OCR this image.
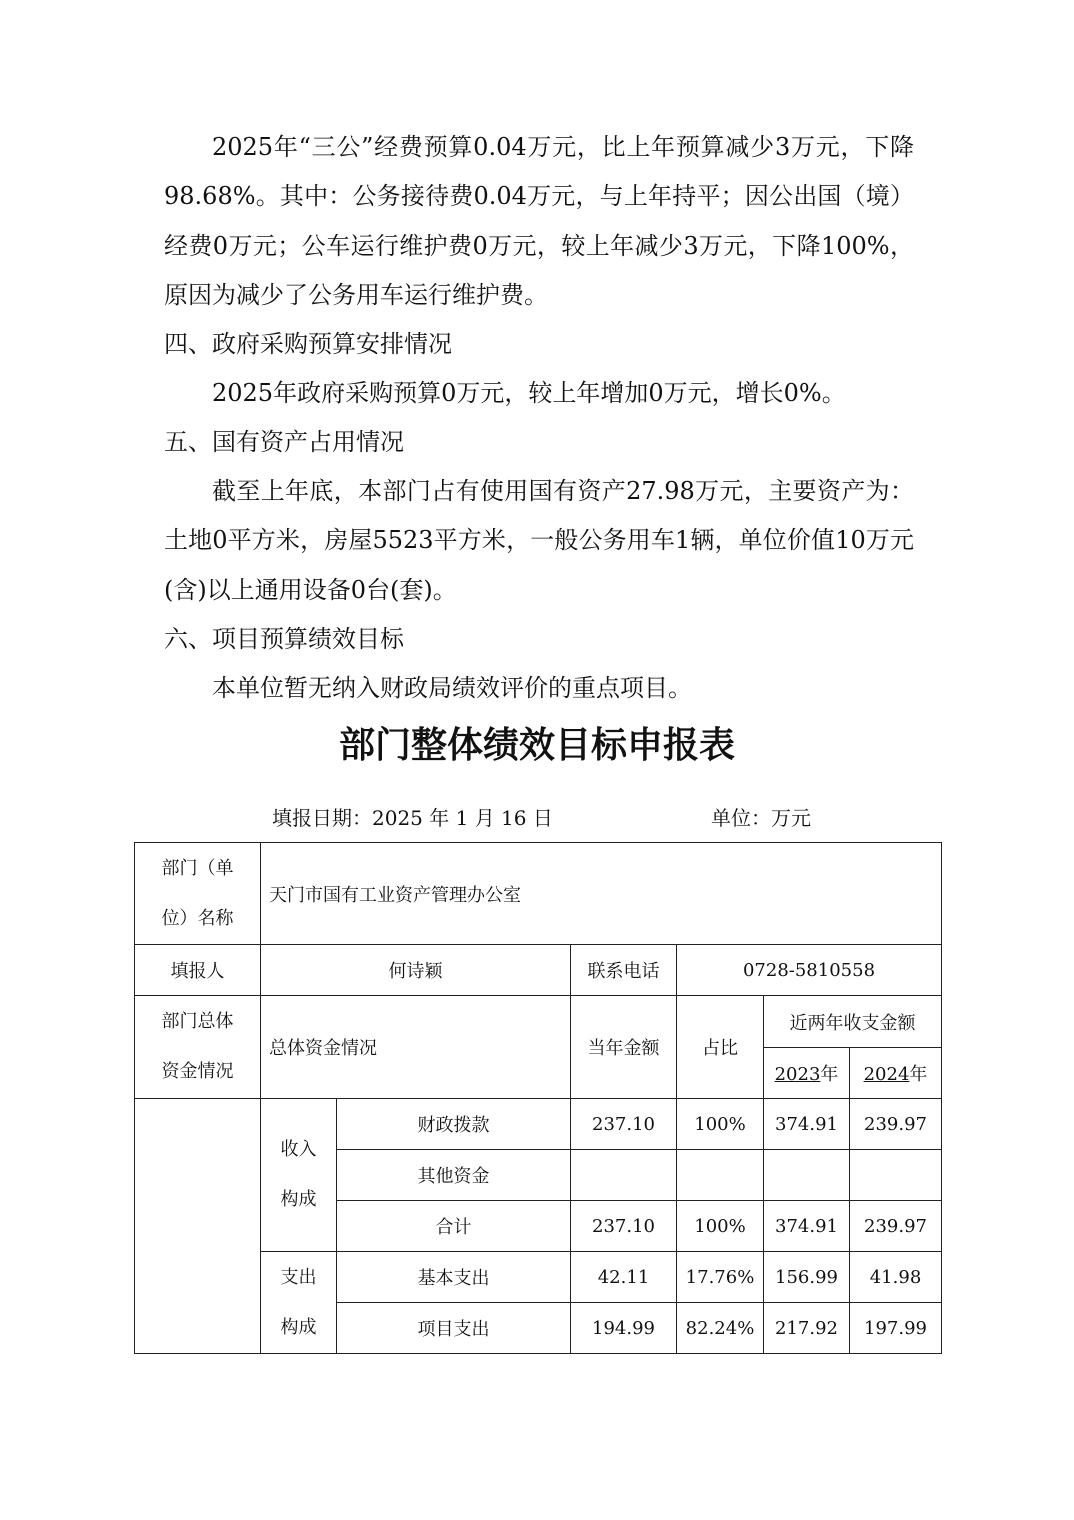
2025年“三公”经费预算0.04万元，比上年预算减少3万元，下降98.68%。其中：公务接待费0.04万元，与上年持平；因公出国（境）经费0万元；公车运行维护费0万元，较上年减少3万元，下降100%，原因为减少了公务用车运行维护费。

四、政府采购预算安排情况

2025年政府采购预算0万元，较上年增加0万元，增长0%。

五、国有资产占用情况

截至上年底，本部门占有使用国有资产27.98万元，主要资产为：土地0平方米，房屋5523平方米，一般公务用车1辆，单位价值10万元(含)以上通用设备0台(套)。

六、项目预算绩效目标

本单位暂无纳入财政局绩效评价的重点项目。

部门整体绩效目标申报表
填报日期：2025 年 1 月 16 日	单位：万元
部门（单
位）名称	天门市国有工业资产管理办公室				
填报人	何诗颖	联系电话	0728-5810558		

部门总体
资金情况	总体资金情况	当年金额	占比	近两年收支金额	
				2023年	2024年

	收入
构成	财政拨款	237.10	100%	374.91	239.97
		其他资金				
		合计	237.10	100%	374.91	239.97

	支出
构成	基本支出	42.11	17.76%	156.99	41.98
		项目支出	194.99	82.24%	217.92	197.99
